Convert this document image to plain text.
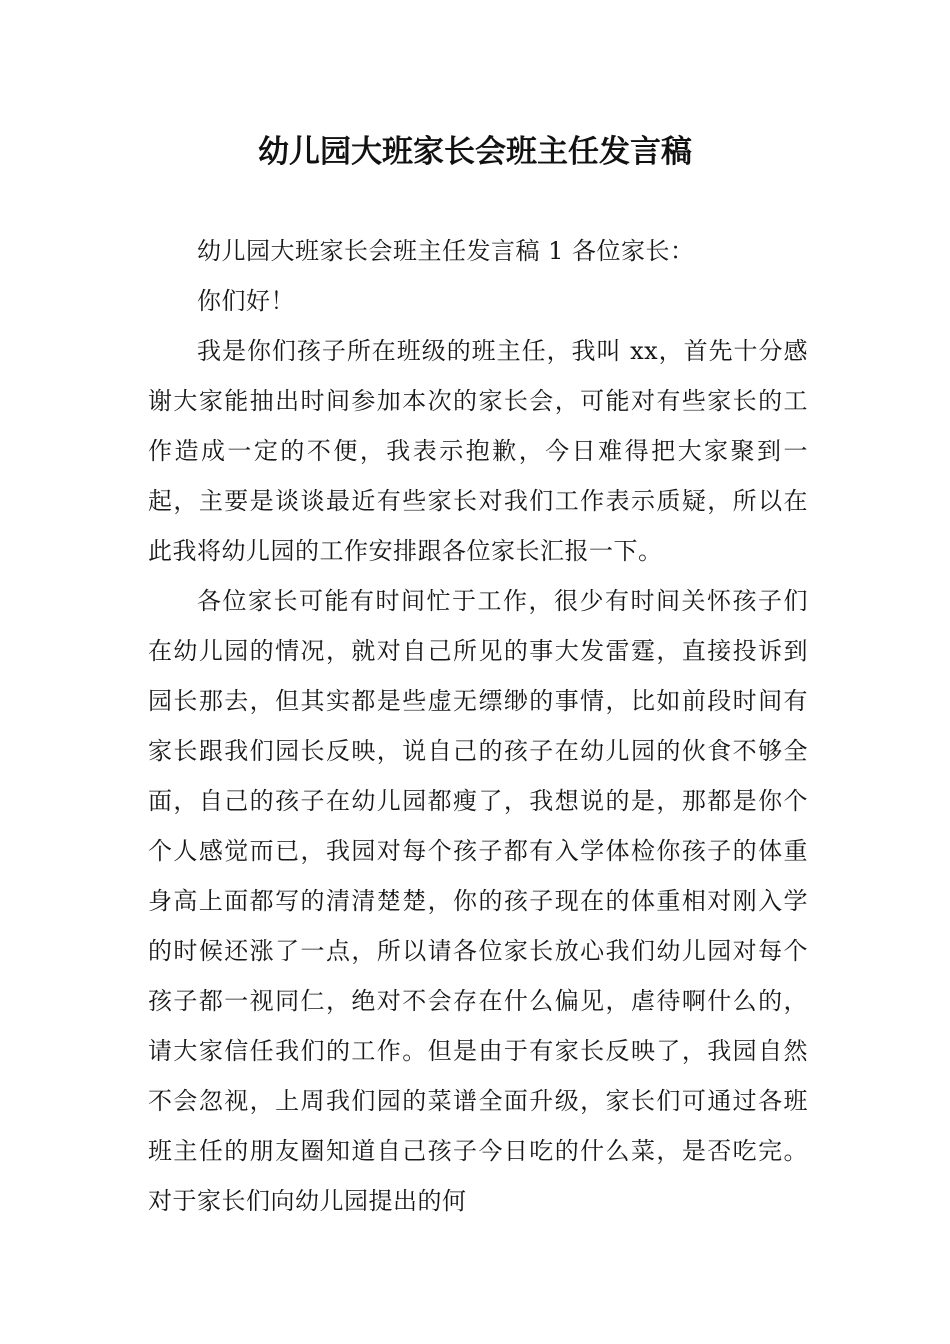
幼儿园大班家长会班主任发言稿

幼儿园大班家长会班主任发言稿 1 各位家长：

你们好！

我是你们孩子所在班级的班主任，我叫 xx，首先十分感谢大家能抽出时间参加本次的家长会，可能对有些家长的工作造成一定的不便，我表示抱歉，今日难得把大家聚到一起，主要是谈谈最近有些家长对我们工作表示质疑，所以在此我将幼儿园的工作安排跟各位家长汇报一下。

各位家长可能有时间忙于工作，很少有时间关怀孩子们在幼儿园的情况，就对自己所见的事大发雷霆，直接投诉到园长那去，但其实都是些虚无缥缈的事情，比如前段时间有家长跟我们园长反映，说自己的孩子在幼儿园的伙食不够全面，自己的孩子在幼儿园都瘦了，我想说的是，那都是你个个人感觉而已，我园对每个孩子都有入学体检你孩子的体重身高上面都写的清清楚楚，你的孩子现在的体重相对刚入学的时候还涨了一点，所以请各位家长放心我们幼儿园对每个孩子都一视同仁，绝对不会存在什么偏见，虐待啊什么的，请大家信任我们的工作。但是由于有家长反映了，我园自然不会忽视，上周我们园的菜谱全面升级，家长们可通过各班班主任的朋友圈知道自己孩子今日吃的什么菜，是否吃完。对于家长们向幼儿园提出的何
